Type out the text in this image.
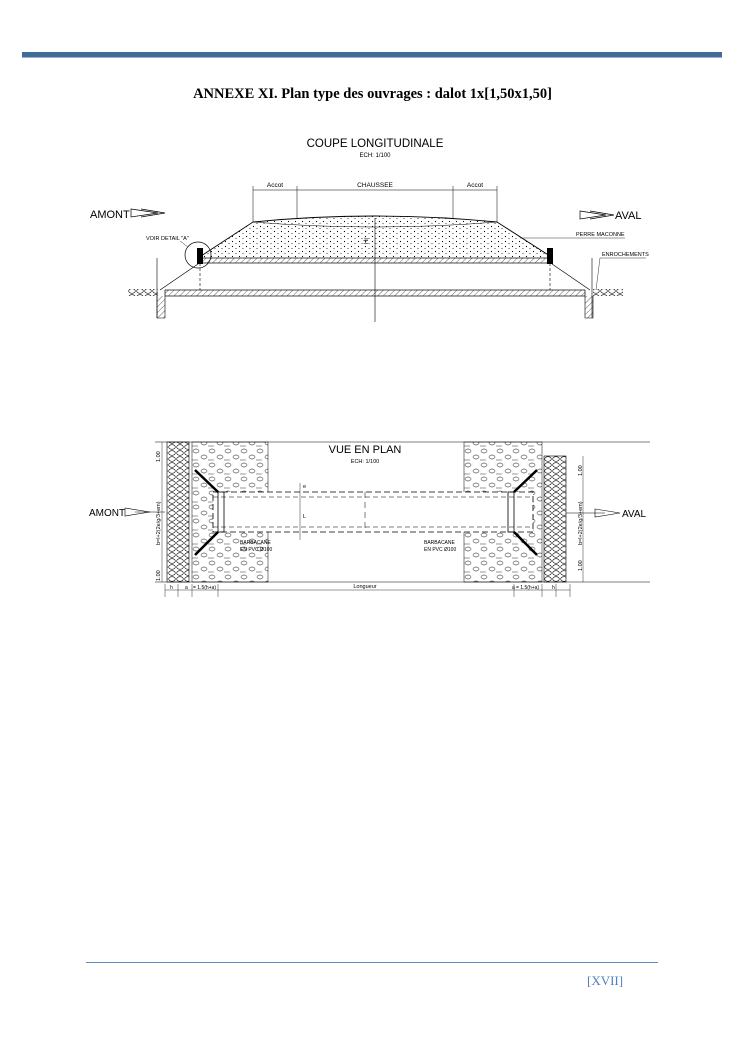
ANNEXE XI. Plan type des ouvrages : dalot 1x[1,50x1,50]
COUPE LONGITUDINALE
ECH: 1/100
Accot	CHAUSSEE	Accot
Hr
VOIR DETAIL "A"
AMONT	AVAL
PERRE MACONNE
ENROCHEMENTS
VUE EN PLAN
ECH: 1/100
L
e
BARBACANE
EN PVC Ø100
BARBACANE
EN PVC Ø100
1.00
b=l+2(2e/g/3+em)
1.00
1.00
b=l+2(2e/g/3+em)
1.00
h a = 1.5(h+a)	Longueur	= 1.5(h+a)	h
a
AMONT	AVAL
[XVII]
